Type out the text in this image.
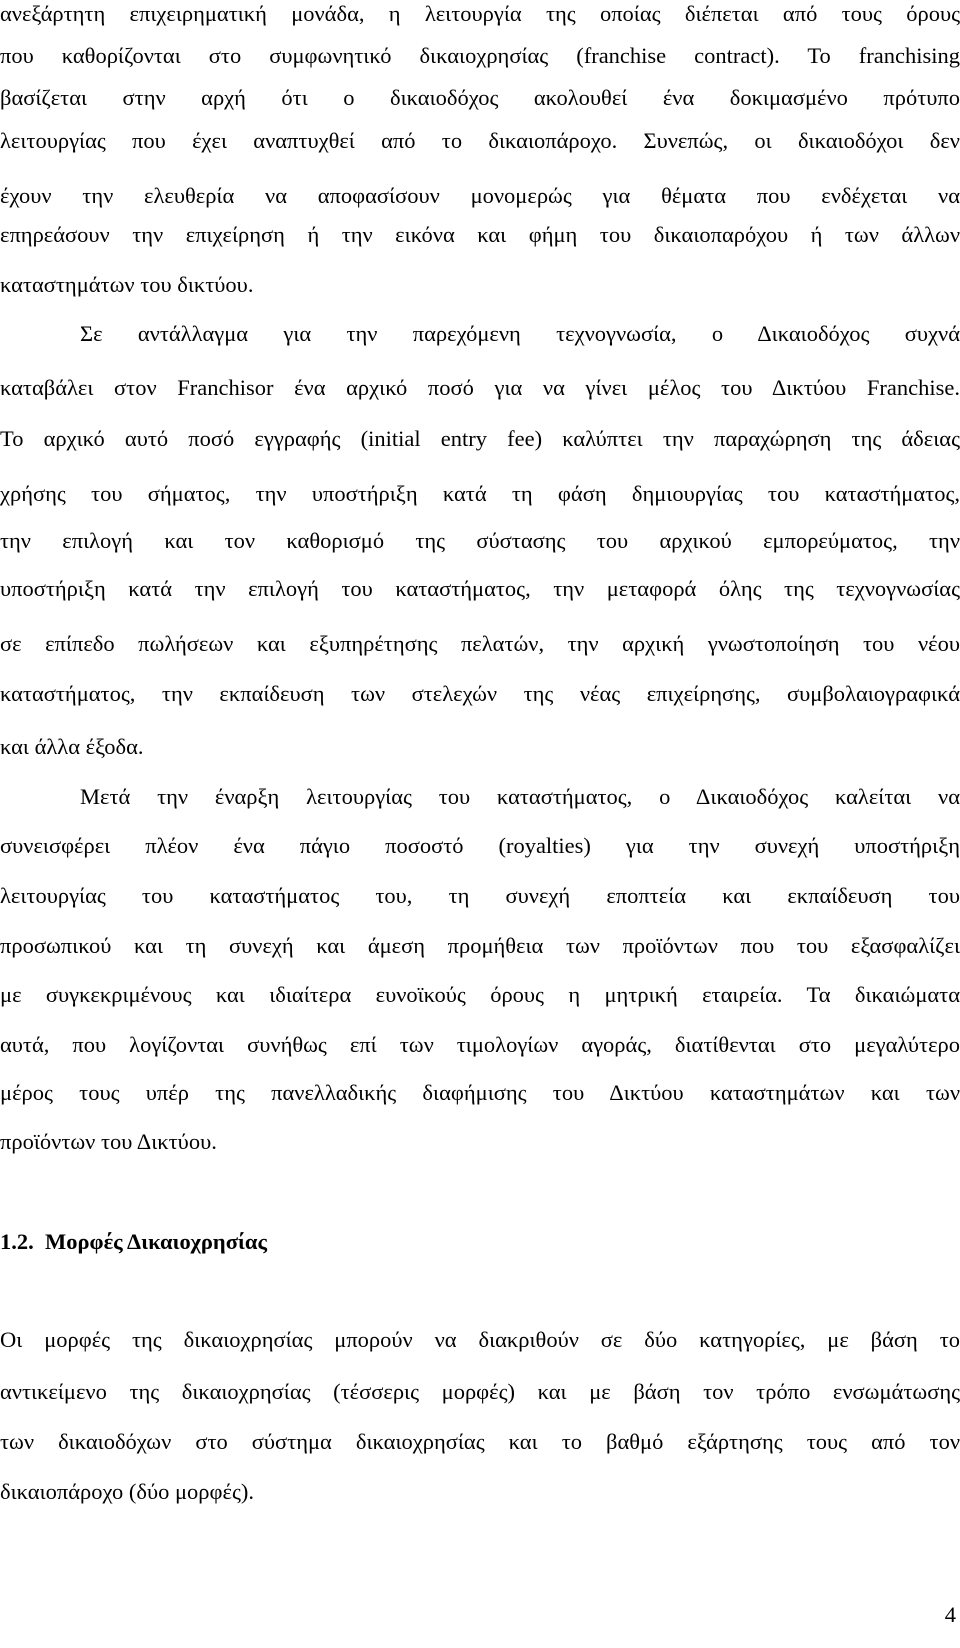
ανεξάρτητη επιχειρηματική μονάδα, η λειτουργία της οποίας διέπεται από τους όρους
που καθορίζονται στο συμφωνητικό δικαιοχρησίας (franchise contract). Το franchising
βασίζεται στην αρχή ότι ο δικαιοδόχος ακολουθεί ένα δοκιμασμένο πρότυπο
λειτουργίας που έχει αναπτυχθεί από το δικαιοπάροχο. Συνεπώς, οι δικαιοδόχοι δεν
έχουν την ελευθερία να αποφασίσουν μονομερώς για θέματα που ενδέχεται να
επηρεάσουν την επιχείρηση ή την εικόνα και φήμη του δικαιοπαρόχου ή των άλλων
καταστημάτων του δικτύου.
Σε αντάλλαγμα για την παρεχόμενη τεχνογνωσία, ο Δικαιοδόχος συχνά
καταβάλει στον Franchisor ένα αρχικό ποσό για να γίνει μέλος του Δικτύου Franchise.
Το αρχικό αυτό ποσό εγγραφής (initial entry fee) καλύπτει την παραχώρηση της άδειας
χρήσης του σήματος, την υποστήριξη κατά τη φάση δημιουργίας του καταστήματος,
την επιλογή και τον καθορισμό της σύστασης του αρχικού εμπορεύματος, την
υποστήριξη κατά την επιλογή του καταστήματος, την μεταφορά όλης της τεχνογνωσίας
σε επίπεδο πωλήσεων και εξυπηρέτησης πελατών, την αρχική γνωστοποίηση του νέου
καταστήματος, την εκπαίδευση των στελεχών της νέας επιχείρησης, συμβολαιογραφικά
και άλλα έξοδα.
Μετά την έναρξη λειτουργίας του καταστήματος, ο Δικαιοδόχος καλείται να
συνεισφέρει πλέον ένα πάγιο ποσοστό (royalties) για την συνεχή υποστήριξη
λειτουργίας του καταστήματος του, τη συνεχή εποπτεία και εκπαίδευση του
προσωπικού και τη συνεχή και άμεση προμήθεια των προϊόντων που του εξασφαλίζει
με συγκεκριμένους και ιδιαίτερα ευνοϊκούς όρους η μητρική εταιρεία. Τα δικαιώματα
αυτά, που λογίζονται συνήθως επί των τιμολογίων αγοράς, διατίθενται στο μεγαλύτερο
μέρος τους υπέρ της πανελλαδικής διαφήμισης του Δικτύου καταστημάτων και των
προϊόντων του Δικτύου.
1.2.  Μορφές Δικαιοχρησίας
Οι μορφές της δικαιοχρησίας μπορούν να διακριθούν σε δύο κατηγορίες, με βάση το
αντικείμενο της δικαιοχρησίας (τέσσερις μορφές) και με βάση τον τρόπο ενσωμάτωσης
των δικαιοδόχων στο σύστημα δικαιοχρησίας και το βαθμό εξάρτησης τους από τον
δικαιοπάροχο (δύο μορφές).
4
